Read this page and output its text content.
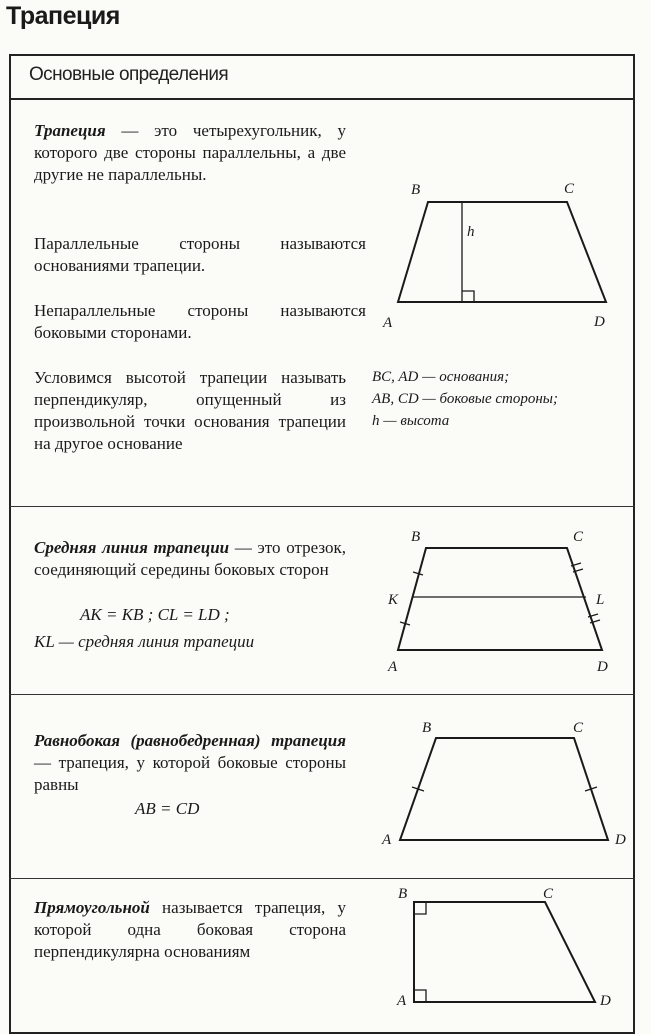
Трапеция
Основные определения

Трапеция — это четырехугольник, у которого две стороны параллельны, а две другие не параллельны.

Параллельные стороны называются основаниями трапеции.

Непараллельные стороны называются боковыми сторонами.

Условимся высотой трапеции называть перпендикуляр, опущенный из произвольной точки основания трапеции на другое основание

BC, AD — основания;
AB, CD — боковые стороны;
h — высота

Средняя линия трапеции — это отрезок, соединяющий середины боковых сторон

AK = KB ; CL = LD ;

KL — средняя линия трапеции

Равнобокая (равнобедренная) трапеция — трапеция, у которой боковые стороны равны

AB = CD

Прямоугольной называется трапеция, у которой одна боковая сторона перпендикулярна основаниям

B	C
A	D
h
B	C
K	L
A	D
B	C
A	D
B	C
A	D
